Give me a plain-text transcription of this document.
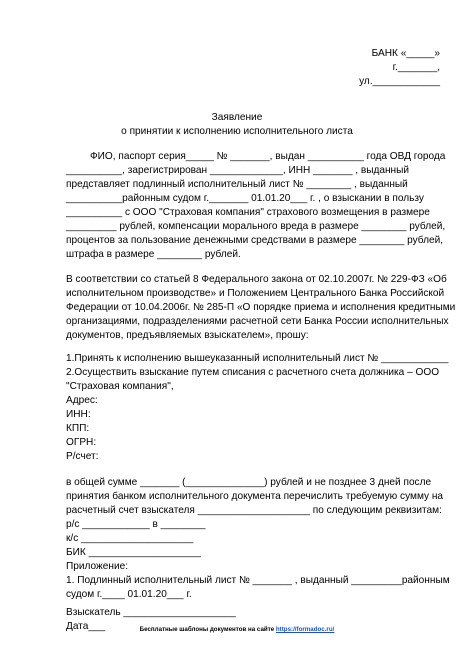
БАНК «_____»
г._______,
ул.____________
Заявление
о принятии к исполнению исполнительного листа
ФИО, паспорт серия_____ № _______, выдан __________ года ОВД города
__________, зарегистрирован _____________, ИНН _______ , выданный
представляет подлинный исполнительный лист № ________ , выданный
__________районным судом г._______ 01.01.20___ г. , о взыскании в пользу
__________ с ООО "Страховая компания" страхового возмещения в размере
_________ рублей, компенсации морального вреда в размере ________ рублей,
процентов за пользование денежными средствами в размере ________ рублей,
штрафа в размере ________ рублей.
В соответствии со статьей 8 Федерального закона от 02.10.2007г. № 229-ФЗ «Об
исполнительном производстве» и Положением Центрального Банка Российской
Федерации от 10.04.2006г. № 285-П «О порядке приема и исполнения кредитными
организациями, подразделениями расчетной сети Банка России исполнительных
документов, предъявляемых взыскателем», прошу:
1.Принять к исполнению вышеуказанный исполнительный лист № ____________
2.Осуществить взыскание путем списания с расчетного счета должника – ООО
"Страховая компания",
Адрес:
ИНН:
КПП:
ОГРН:
Р/счет:
в общей сумме _______ (______________) рублей и не позднее 3 дней после
принятия банком исполнительного документа перечислить требуемую сумму на
расчетный счет взыскателя ____________________ по следующим реквизитам:
р/с ____________ в ________
к/с ____________________
БИК ____________________
Приложение:
1. Подлинный исполнительный лист № _______ , выданный _________районным
судом г.____ 01.01.20___ г.
Взыскатель ____________________
Дата___	Бесплатные шаблоны документов на сайте https://formadoc.ru/
